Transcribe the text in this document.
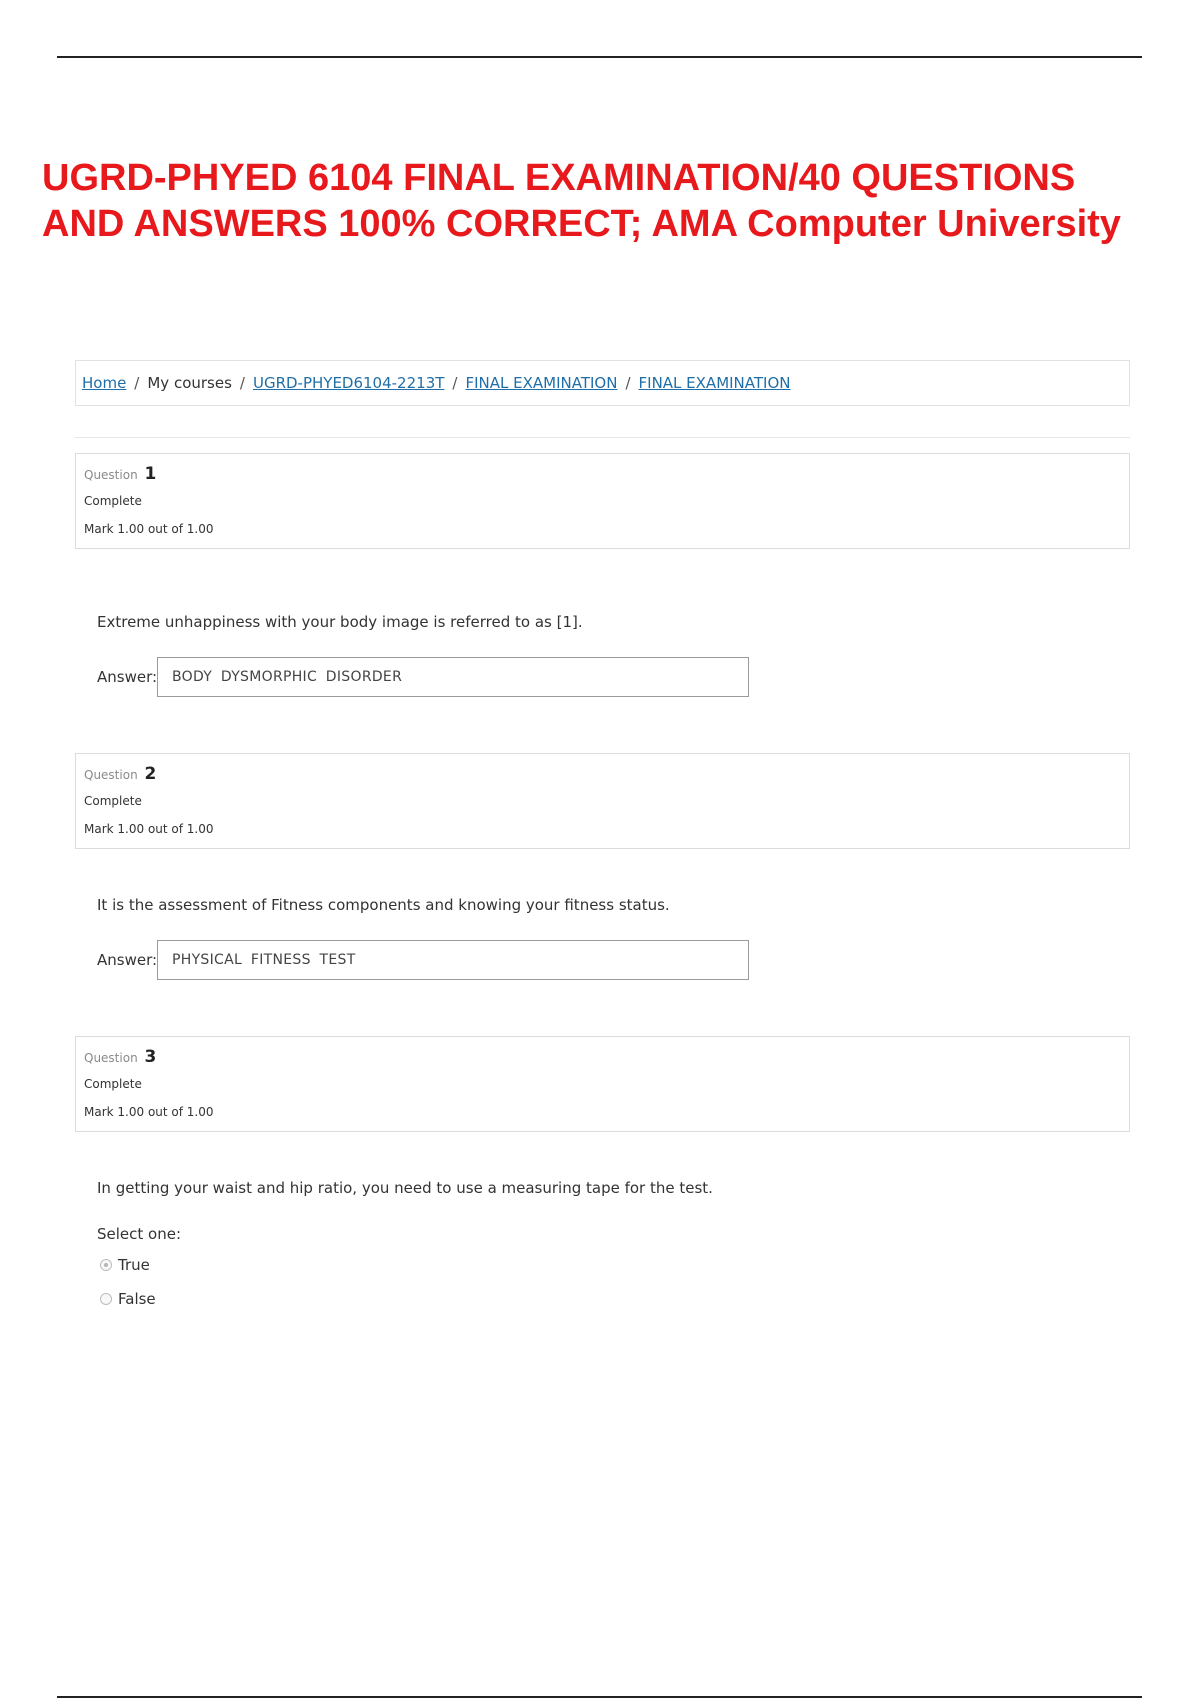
UGRD-PHYED 6104 FINAL EXAMINATION/40 QUESTIONS AND ANSWERS 100% CORRECT; AMA Computer University
Home / My courses / UGRD-PHYED6104-2213T / FINAL EXAMINATION / FINAL EXAMINATION
Question 1
Complete
Mark 1.00 out of 1.00
Extreme unhappiness with your body image is referred to as [1].
Answer:	BODY DYSMORPHIC DISORDER
Question 2
Complete
Mark 1.00 out of 1.00
It is the assessment of Fitness components and knowing your fitness status.
Answer:	PHYSICAL FITNESS TEST
Question 3
Complete
Mark 1.00 out of 1.00
In getting your waist and hip ratio, you need to use a measuring tape for the test.
Select one:
True
False
